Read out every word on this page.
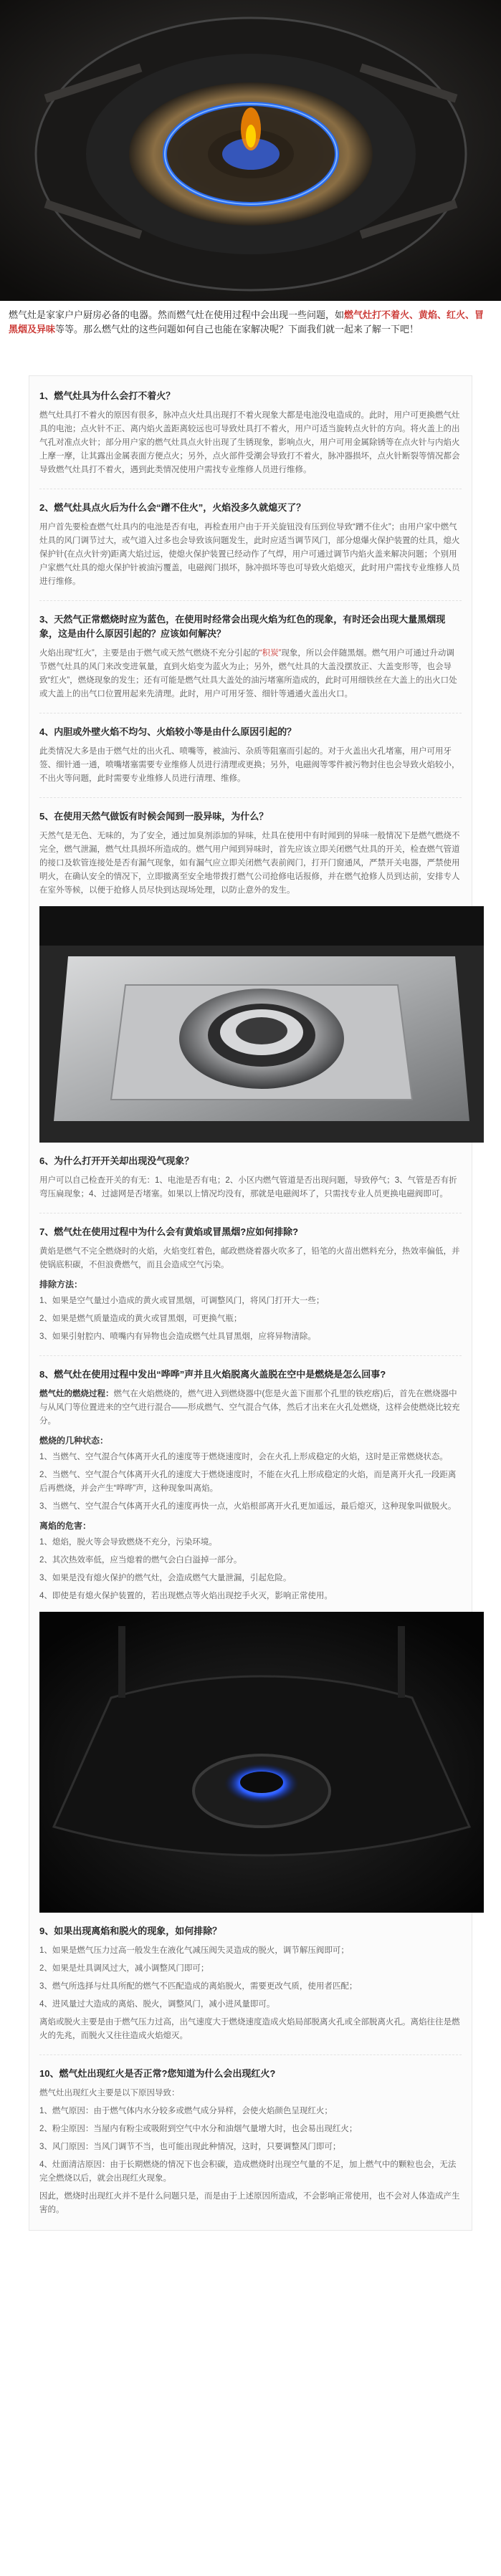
燃气灶是家家户户厨房必备的电器。然而燃气灶在使用过程中会出现一些问题，如燃气灶打不着火、黄焰、红火、冒黑烟及异味等等。那么燃气灶的这些问题如何自己也能在家解决呢？下面我们就一起来了解一下吧！

1、燃气灶具为什么会打不着火？

燃气灶具打不着火的原因有很多，脉冲点火灶具出现打不着火现象大都是电池没电造成的。此时，用户可更换燃气灶具的电池；点火针不正、离内焰火盖距离较远也可导致灶具打不着火，用户可适当旋转点火针的方向。将火盖上的出气孔对准点火针；部分用户家的燃气灶具点火针出现了生锈现象，影响点火，用户可用金属除锈等在点火针与内焰火上摩一摩，让其露出金属表面方便点火；另外，点火部件受潮会导致打不着火，脉冲器损坏，点火针断裂等情况都会导致燃气灶具打不着火，遇到此类情况使用户需找专业维修人员进行维修。

2、燃气灶具点火后为什么会“蹭不住火”，火焰没多久就熄灭了？

用户首先要检查燃气灶具内的电池是否有电，再检查用户由于开关旋钮没有压到位导致“蹭不住火”；由用户家中燃气灶具的风门调节过大，或气道入过多也会导致该问题发生，此时应适当调节风门，部分熄爆火保护装置的灶具，熄火保护针(在点火针旁)距离大焰过远，使熄火保护装置已经动作了气焊，用户可通过调节内焰火盖来解决问题；个别用户家燃气灶具的熄火保护针被油污覆盖，电磁阀门损坏，脉冲损坏等也可导致火焰熄灭，此时用户需找专业维修人员进行维修。

3、天然气正常燃烧时应为蓝色，在使用时经常会出现火焰为红色的现象，有时还会出现大量黑烟现象，这是由什么原因引起的？应该如何解决？

火焰出现“红火”，主要是由于燃气或天然气燃烧不充分引起的“积炭”现象，所以会伴随黑烟。燃气用户可通过升动调节燃气灶具的风门来改变进氧量，直到火焰变为蓝火为止；另外，燃气灶具的大盖没摆放正、大盖变形等，也会导致“红火”，燃烧现象的发生；还有可能是燃气灶具大盖处的油污堵塞所造成的，此时可用细铁丝在大盖上的出火口处或大盖上的出气口位置用起来先清理。此时，用户可用牙签、细针等通通火盖出火口。

4、内胆或外壁火焰不均匀、火焰较小等是由什么原因引起的？

此类情况大多是由于燃气灶的出火孔、喷嘴等，被油污、杂质等阻塞而引起的。对于火盖出火孔堵塞，用户可用牙签、细针通一通，喷嘴堵塞需要专业维修人员进行清理或更换；另外，电磁阀等零件被污物封住也会导致火焰较小，不出火等问题，此时需要专业维修人员进行清理、维修。

5、在使用天然气做饭有时候会闻到一股异味，为什么？

天然气是无色、无味的，为了安全，通过加臭剂添加的异味，灶具在使用中有时闻到的异味一般情况下是燃气燃烧不完全，燃气泄漏，燃气灶具损坏所造成的。燃气用户闻到异味时，首先应该立即关闭燃气灶具的开关，检查燃气管道的接口及软管连接处是否有漏气现象，如有漏气应立即关闭燃气表前阀门，打开门窗通风，严禁开关电器，严禁使用明火，在确认安全的情况下，立即撤离至安全地带拨打燃气公司抢修电话报修，并在燃气抢修人员到达前，安排专人在室外等候，以便于抢修人员尽快到达现场处理，以防止意外的发生。

6、为什么打开开关却出现没气现象？

用户可以自己检查开关的有无：1、电池是否有电；2、小区内燃气管道是否出现问题，导致停气；3、气管是否有折弯压扁现象；4、过滤网是否堵塞。如果以上情况均没有，那就是电磁阀坏了，只需找专业人员更换电磁阀即可。

7、燃气灶在使用过程中为什么会有黄焰或冒黑烟?应如何排除?

黄焰是燃气不完全燃烧时的火焰，火焰变红着色，邮政燃烧着器火吹多了，铅笔的火苗出燃料充分，热效率偏低，并使锅底积碳，不但浪费燃气，而且会造成空气污染。

排除方法：

1、如果是空气量过小造成的黄火或冒黑烟，可调整风门，将风门打开大一些；
2、如果是燃气质量造成的黄火或冒黑烟，可更换气瓶；
3、如果引射腔内、喷嘴内有异物也会造成燃气灶具冒黑烟，应将异物清除。

8、燃气灶在使用过程中发出“哗哗”声并且火焰脱离火盖脱在空中是燃烧是怎么回事?

燃气灶的燃烧过程：燃气在火焰燃烧的，燃气进入到燃烧器中(您是火盖下面那个孔里的铁疙瘩)后，首先在燃烧器中与从风门等位置进来的空气进行混合——形成燃气、空气混合气体，然后才出来在火孔处燃烧，这样会使燃烧比较充分。

燃烧的几种状态：

1、当燃气、空气混合气体离开火孔的速度等于燃烧速度时，会在火孔上形成稳定的火焰，这时是正常燃烧状态。
2、当燃气、空气混合气体离开火孔的速度大于燃烧速度时，不能在火孔上形成稳定的火焰，而是离开火孔一段距离后再燃烧，并会产生“哗哗”声，这种现象叫离焰。
3、当燃气、空气混合气体离开火孔的速度再快一点，火焰根部离开火孔更加遥远，最后熄灭，这种现象叫做脱火。

离焰的危害：

1、熄焰，脱火等会导致燃烧不充分，污染环境。
2、其次热效率低，应当熄着的燃气会白白溢掉一部分。
3、如果是没有熄火保护的燃气灶，会造成燃气大量泄漏，引起危险。
4、即使是有熄火保护装置的，若出现燃点等火焰出现挖手火灭，影响正常使用。

9、如果出现离焰和脱火的现象，如何排除？

1、如果是燃气压力过高一般发生在液化气减压阀失灵造成的脱火，调节解压阀即可；
2、如果是灶具调风过大，减小调整风门即可；
3、燃气所选择与灶具所配的燃气不匹配造成的离焰脱火，需要更改气质，使用者匹配；
4、进风量过大造成的离焰、脱火，调整风门，减小进风量即可。

离焰或脱火主要是由于燃气压力过高，出气速度大于燃烧速度造成火焰局部脱离火孔或全部脱离火孔。离焰往往是燃火的先兆，而脱火又往往造成火焰熄灭。

10、燃气灶出现红火是否正常?您知道为什么会出现红火?

燃气灶出现红火主要是以下原因导致：

1、燃气原因：由于燃气体内水分较多或燃气成分异样，会使火焰颜色呈现红火；
2、粉尘原因：当屋内有粉尘或吸附到空气中水分和油烟气量增大时，也会易出现红火；
3、风门原因：当风门调节不当，也可能出现此种情况，这时，只要调整风门即可；
4、灶面清洁原因：由于长期燃烧的情况下也会积碳，造成燃烧时出现空气量的不足，加上燃气中的颗粒也会，无法完全燃烧以后，就会出现红火现象。

因此，燃烧时出现红火并不是什么问题只是，而是由于上述原因所造成，不会影响正常使用，也不会对人体造成产生害的。
